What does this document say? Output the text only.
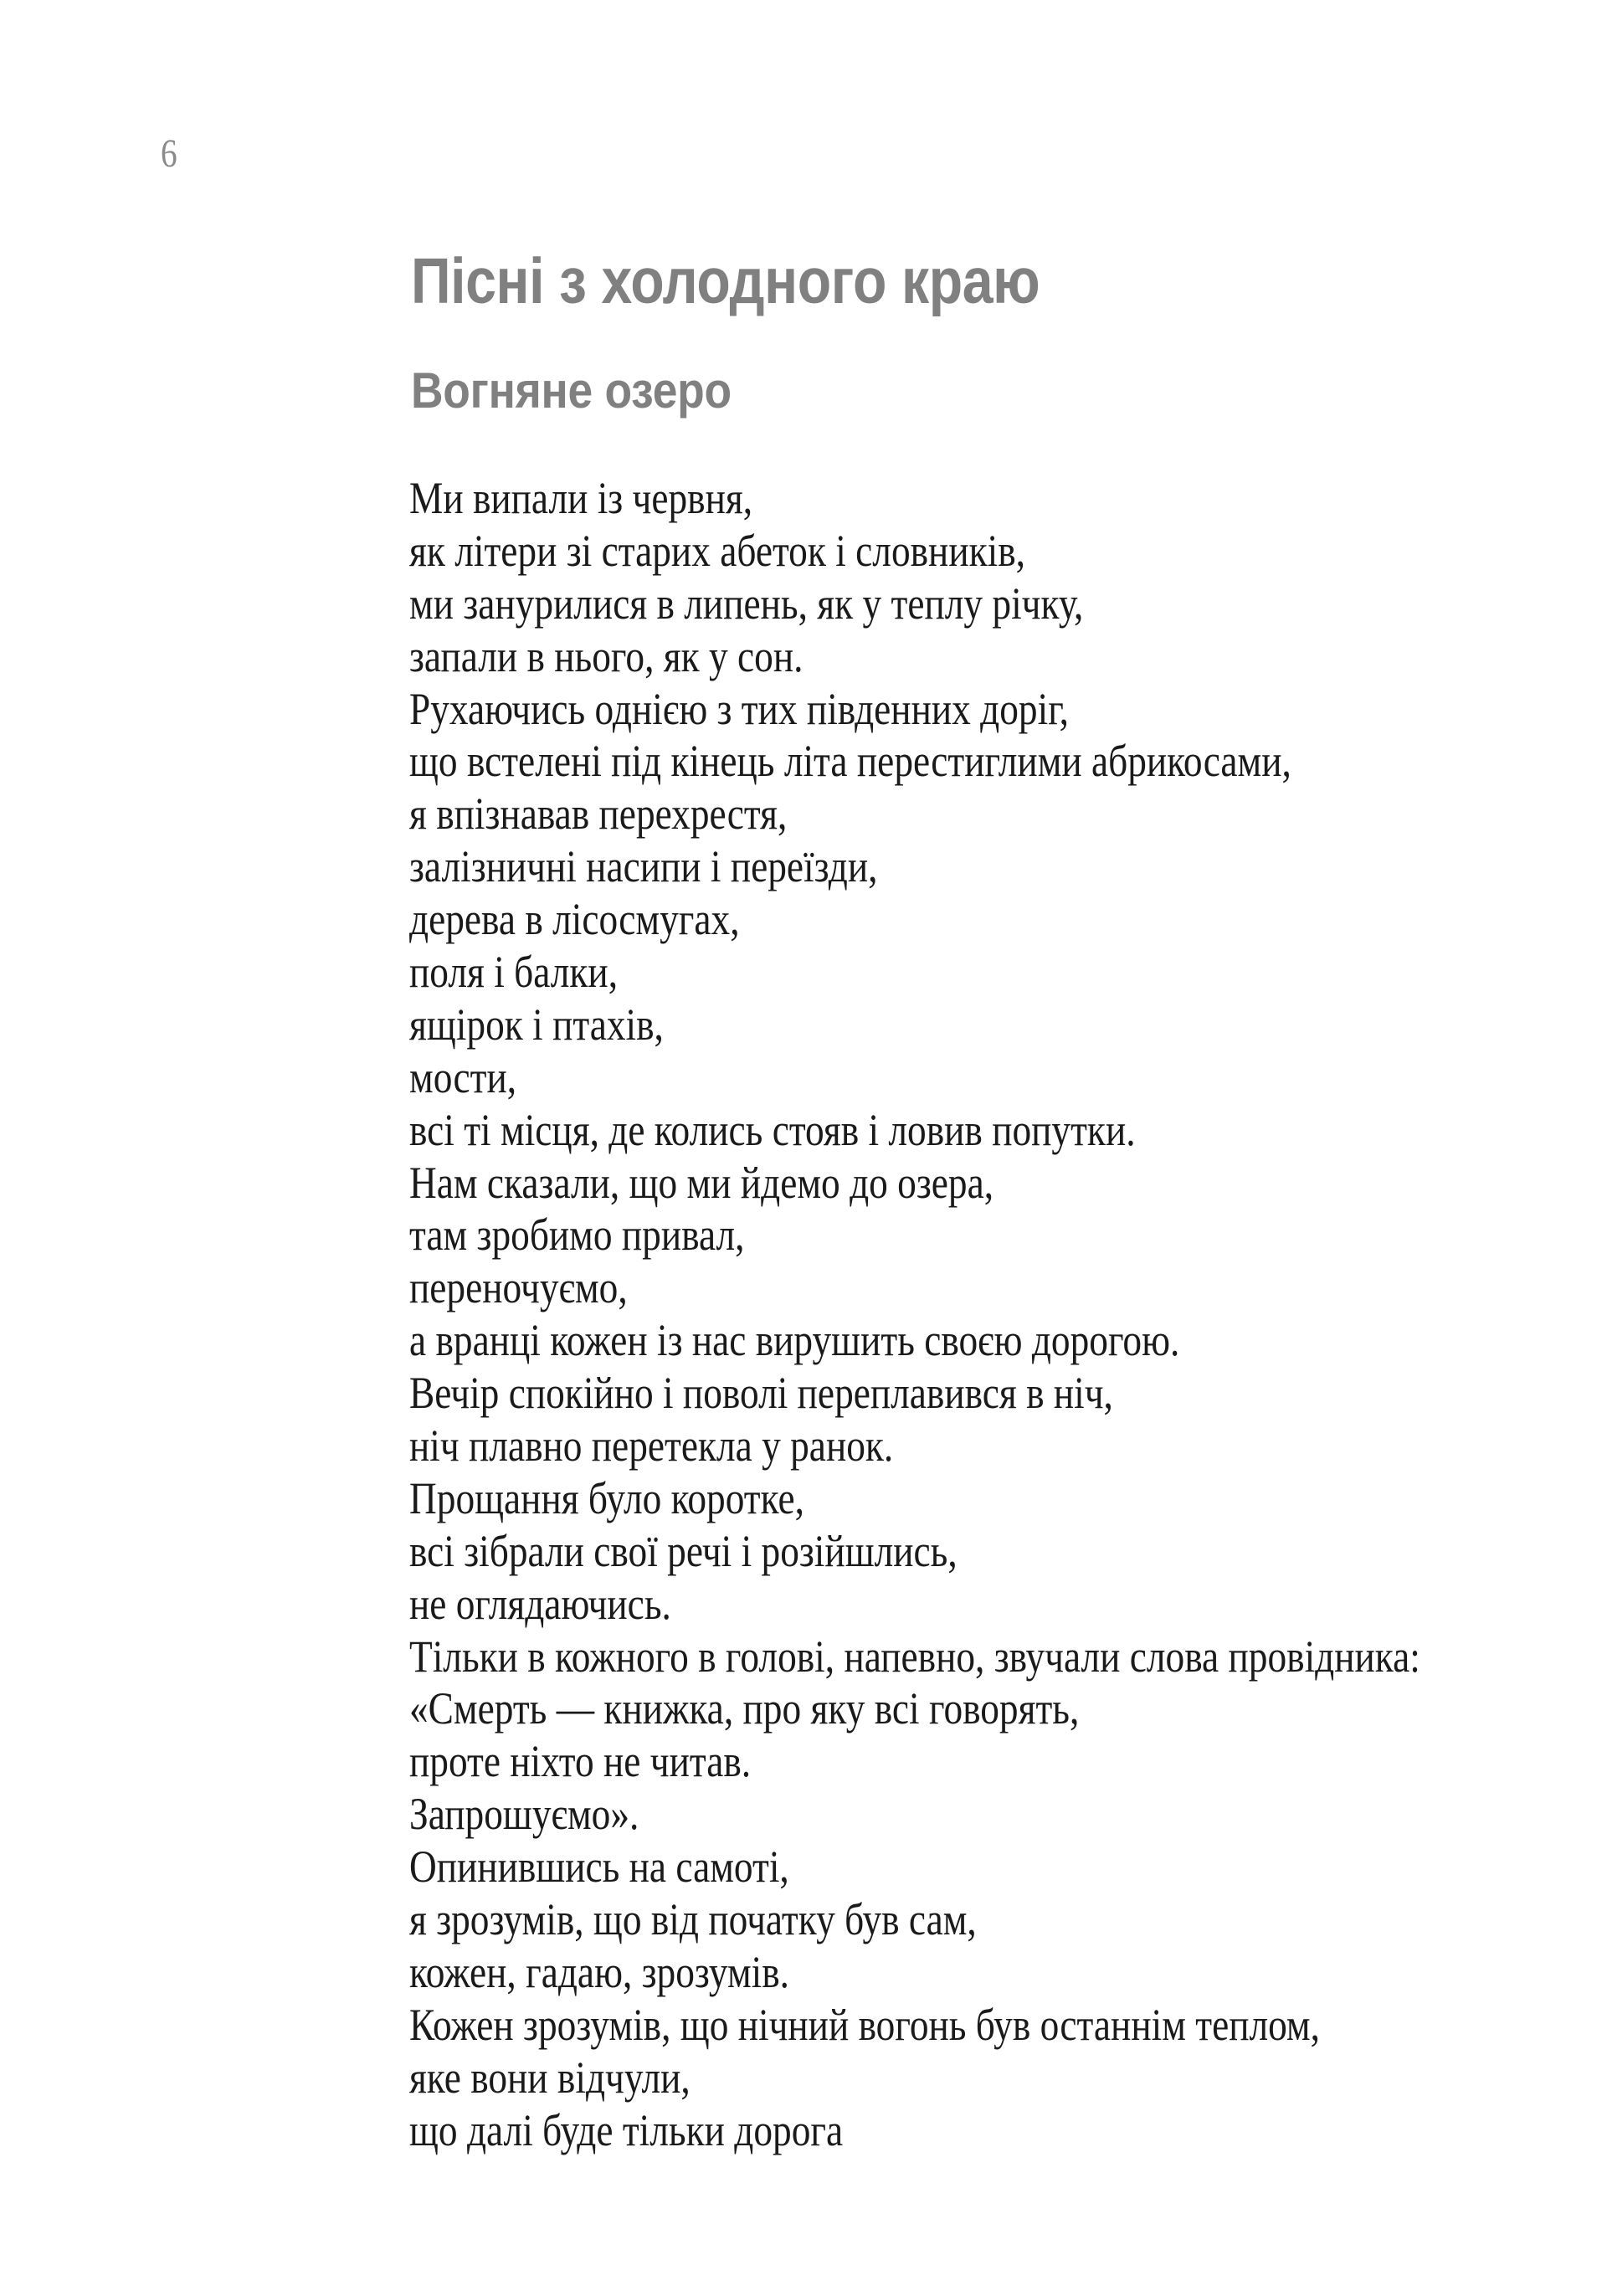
6
Пісні з холодного краю
Вогняне озеро
Ми випали із червня,
як літери зі старих абеток і словників,
ми занурилися в липень, як у теплу річку,
запали в нього, як у сон.
Рухаючись однією з тих південних доріг,
що встелені під кінець літа перестиглими абрикосами,
я впізнавав перехрестя,
залізничні насипи і переїзди,
дерева в лісосмугах,
поля і балки,
ящірок і птахів,
мости,
всі ті місця, де колись стояв і ловив попутки.
Нам сказали, що ми йдемо до озера,
там зробимо привал,
переночуємо,
а вранці кожен із нас вирушить своєю дорогою.
Вечір спокійно і поволі переплавився в ніч,
ніч плавно перетекла у ранок.
Прощання було коротке,
всі зібрали свої речі і розійшлись,
не оглядаючись.
Тільки в кожного в голові, напевно, звучали слова провідника:
«Смерть — книжка, про яку всі говорять,
проте ніхто не читав.
Запрошуємо».
Опинившись на самоті,
я зрозумів, що від початку був сам,
кожен, гадаю, зрозумів.
Кожен зрозумів, що нічний вогонь був останнім теплом,
яке вони відчули,
що далі буде тільки дорога
